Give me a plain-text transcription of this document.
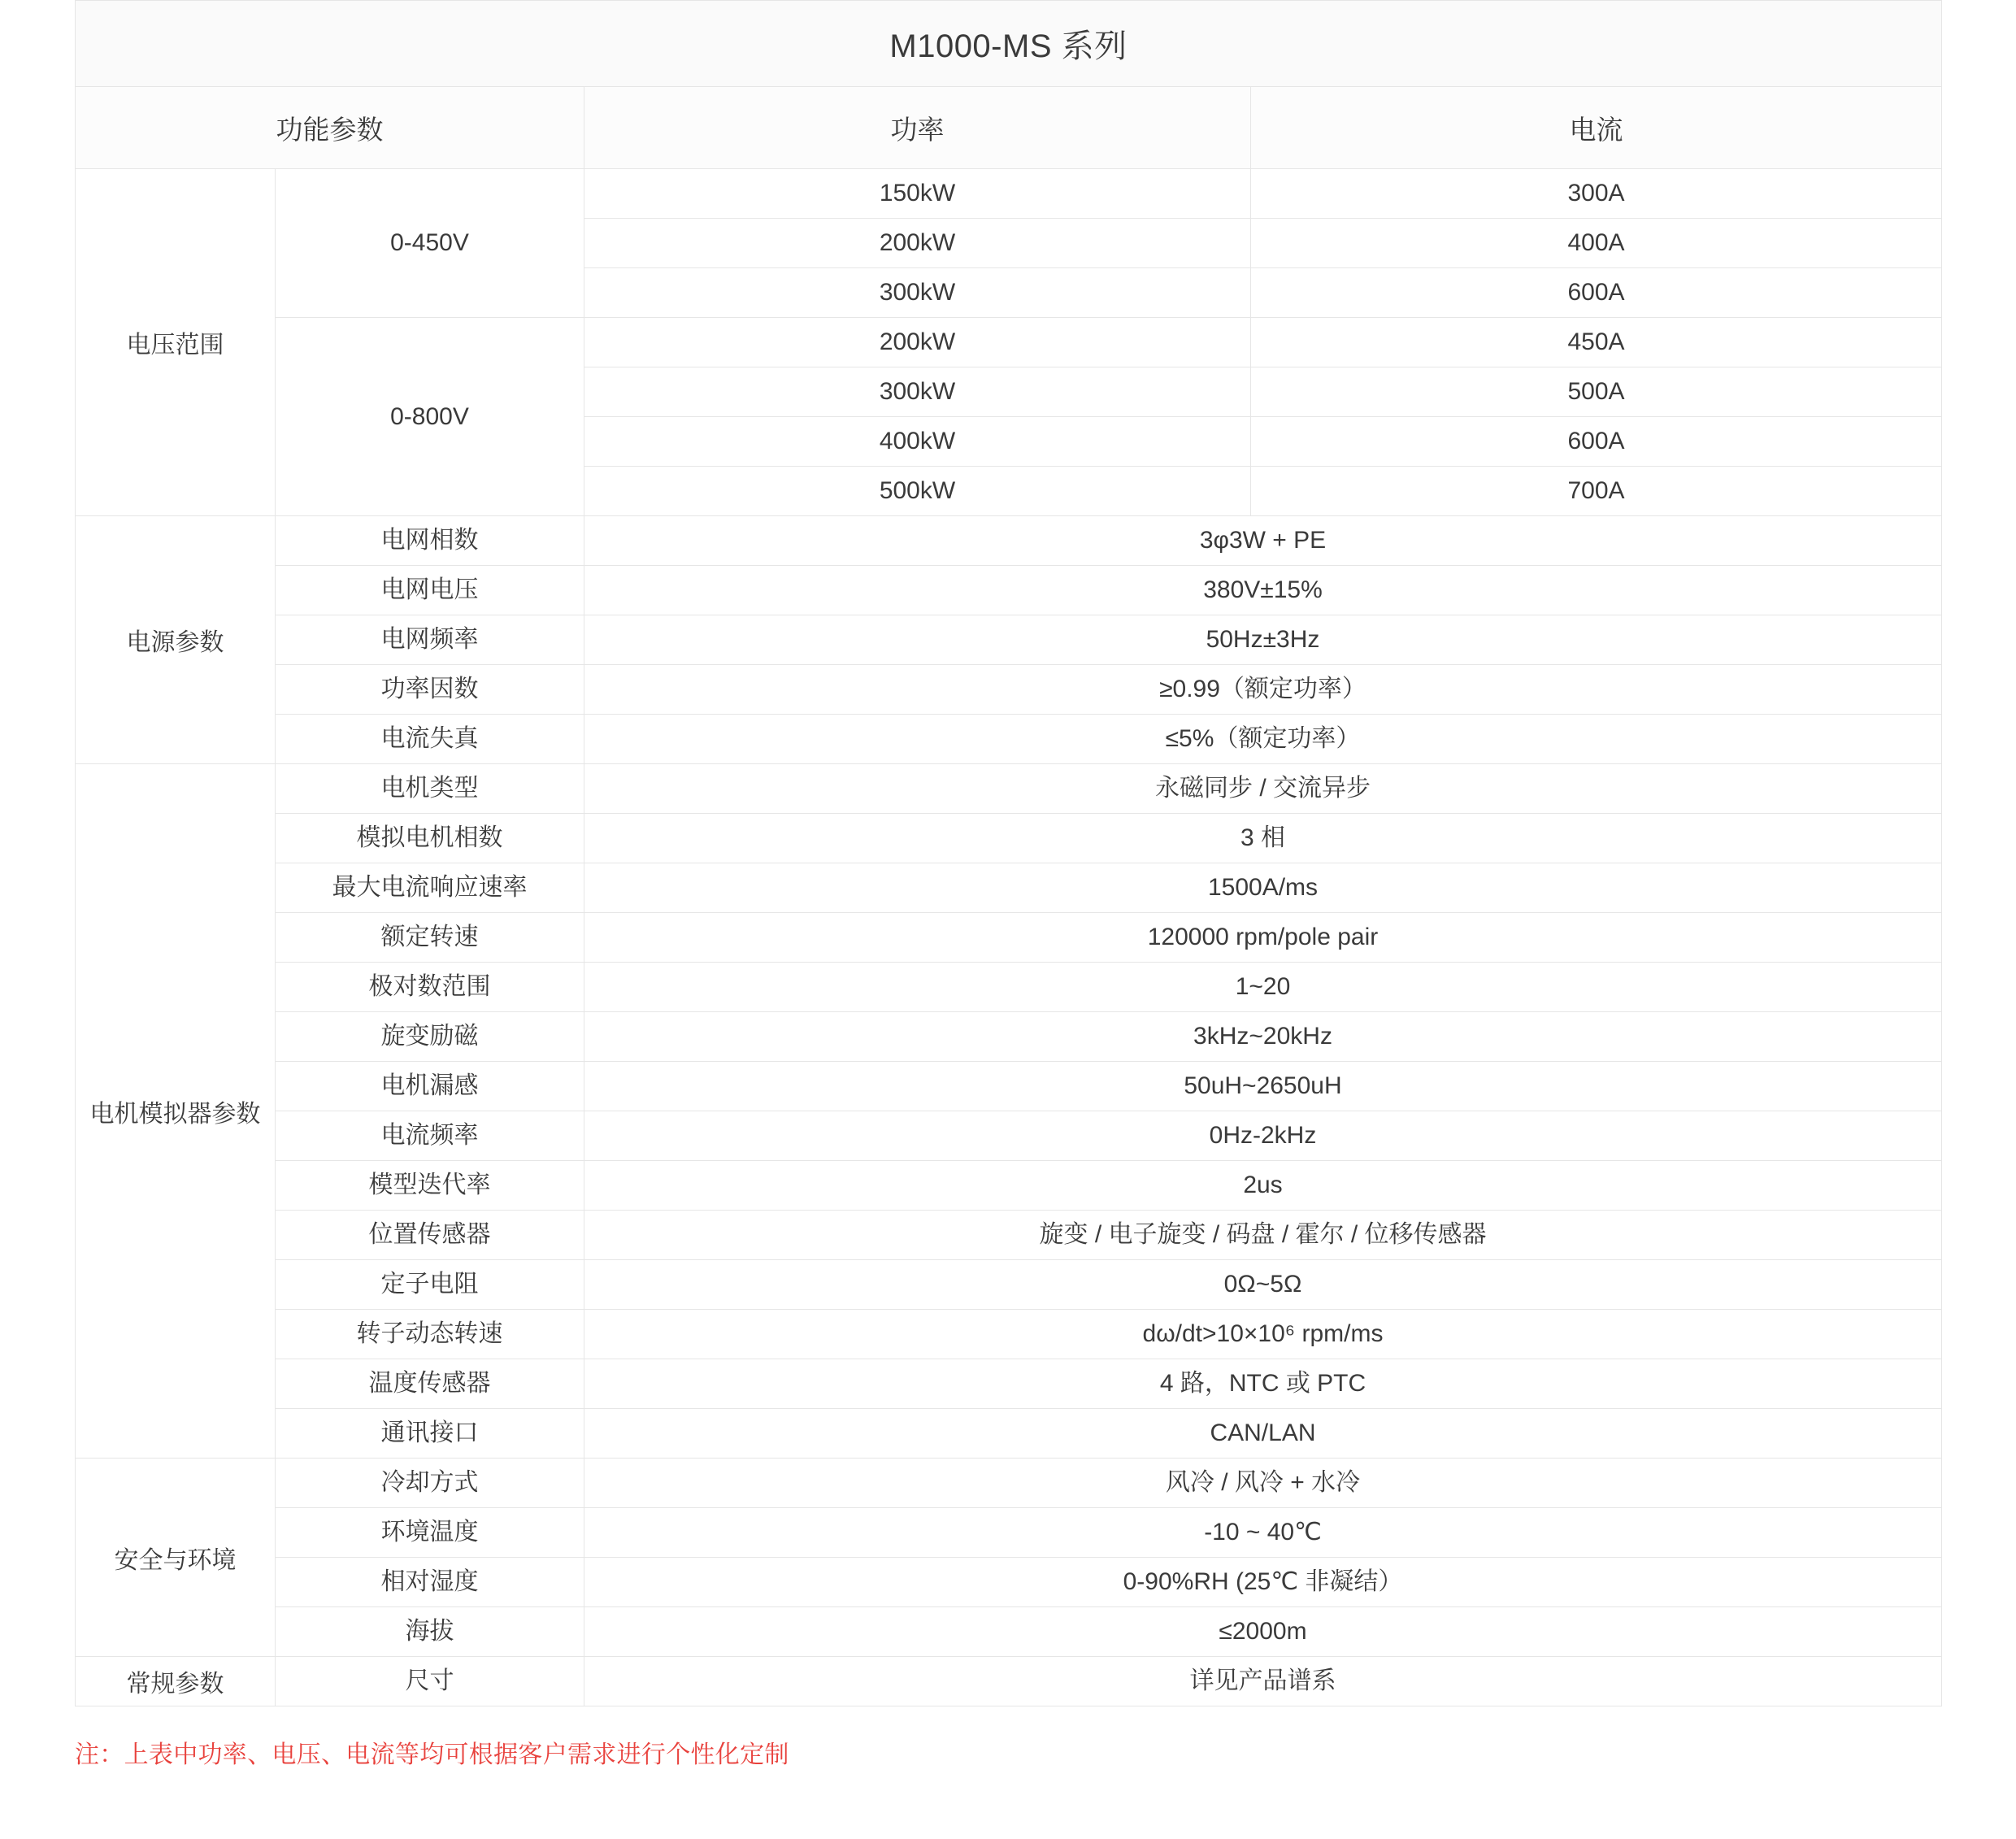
M1000-MS 系列			
功能参数		功率	电流
电压范围	0-450V	150kW	300A
		200kW	400A
		300kW	600A
	0-800V	200kW	450A
		300kW	500A
		400kW	600A
		500kW	700A
电源参数	电网相数	3φ3W + PE	
	电网电压	380V±15%	
	电网频率	50Hz±3Hz	
	功率因数	≥0.99（额定功率）	
	电流失真	≤5%（额定功率）	
电机模拟器参数	电机类型	永磁同步 / 交流异步	
	模拟电机相数	3 相	
	最大电流响应速率	1500A/ms	
	额定转速	120000 rpm/pole pair	
	极对数范围	1~20	
	旋变励磁	3kHz~20kHz	
	电机漏感	50uH~2650uH	
	电流频率	0Hz-2kHz	
	模型迭代率	2us	
	位置传感器	旋变 / 电子旋变 / 码盘 / 霍尔 / 位移传感器	
	定子电阻	0Ω~5Ω	
	转子动态转速	dω/dt>10×10⁶ rpm/ms	
	温度传感器	4 路，NTC 或 PTC	
	通讯接口	CAN/LAN	
安全与环境	冷却方式	风冷 / 风冷 + 水冷	
	环境温度	-10 ~ 40℃	
	相对湿度	0-90%RH (25℃ 非凝结）	
	海拔	≤2000m	
常规参数	尺寸	详见产品谱系	
注：上表中功率、电压、电流等均可根据客户需求进行个性化定制
